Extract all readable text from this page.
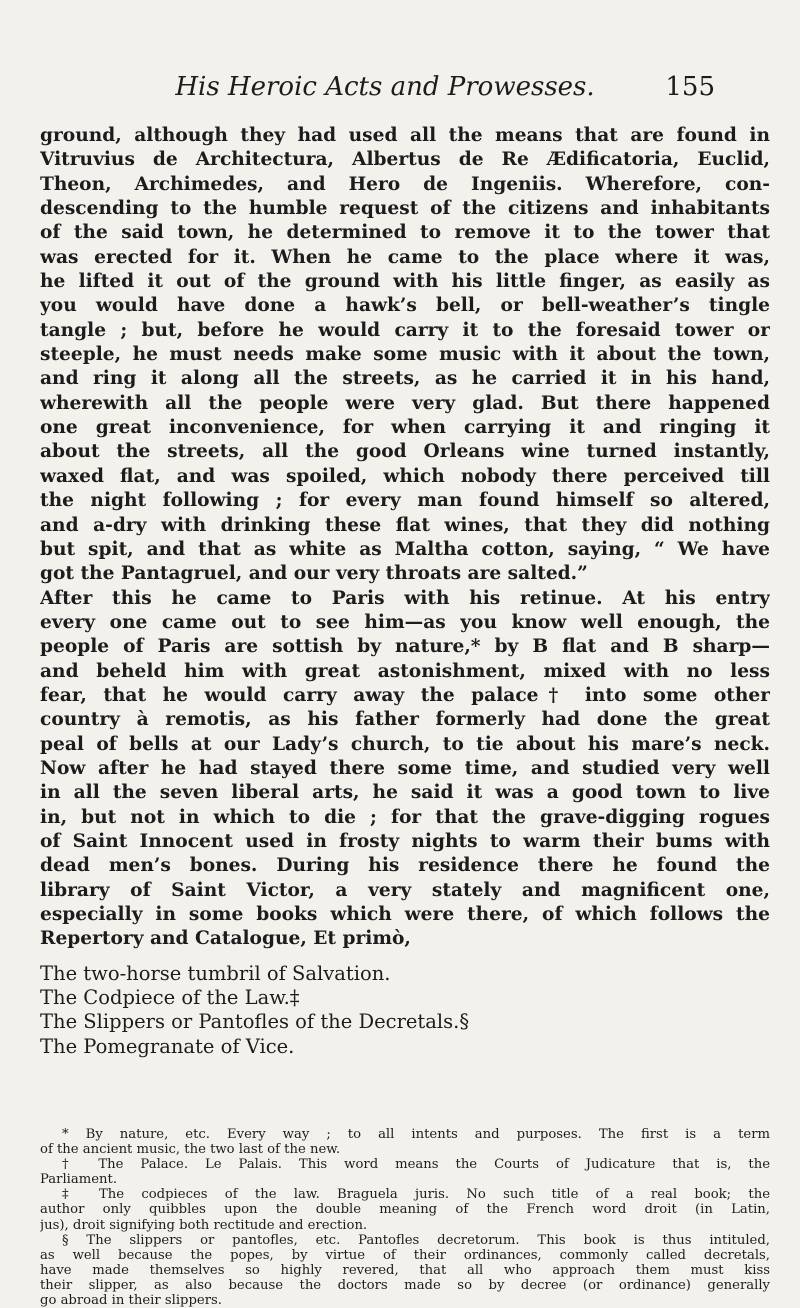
His Heroic Acts and Prowesses.	155
ground, although they had used all the means that are found in
Vitruvius de Architectura, Albertus de Re Ædificatoria, Euclid,
Theon, Archimedes, and Hero de Ingeniis. Wherefore, con-
descending to the humble request of the citizens and inhabitants
of the said town, he determined to remove it to the tower that
was erected for it. When he came to the place where it was,
he lifted it out of the ground with his little finger, as easily as
you would have done a hawk’s bell, or bell-weather’s tingle
tangle ; but, before he would carry it to the foresaid tower or
steeple, he must needs make some music with it about the town,
and ring it along all the streets, as he carried it in his hand,
wherewith all the people were very glad. But there happened
one great inconvenience, for when carrying it and ringing it
about the streets, all the good Orleans wine turned instantly,
waxed flat, and was spoiled, which nobody there perceived till
the night following ; for every man found himself so altered,
and a-dry with drinking these flat wines, that they did nothing
but spit, and that as white as Maltha cotton, saying, “ We have
got the Pantagruel, and our very throats are salted.”
After this he came to Paris with his retinue. At his entry
every one came out to see him—as you know well enough, the
people of Paris are sottish by nature,* by B flat and B sharp—
and beheld him with great astonishment, mixed with no less
fear, that he would carry away the palace† into some other
country à remotis, as his father formerly had done the great
peal of bells at our Lady’s church, to tie about his mare’s neck.
Now after he had stayed there some time, and studied very well
in all the seven liberal arts, he said it was a good town to live
in, but not in which to die ; for that the grave-digging rogues
of Saint Innocent used in frosty nights to warm their bums with
dead men’s bones. During his residence there he found the
library of Saint Victor, a very stately and magnificent one,
especially in some books which were there, of which follows the
Repertory and Catalogue, Et primò,
The two-horse tumbril of Salvation.
The Codpiece of the Law.‡
The Slippers or Pantofles of the Decretals.§
The Pomegranate of Vice.
* By nature, etc. Every way ; to all intents and purposes. The first is a term
of the ancient music, the two last of the new.
† The Palace. Le Palais. This word means the Courts of Judicature that is, the
Parliament.
‡ The codpieces of the law. Braguela juris. No such title of a real book; the
author only quibbles upon the double meaning of the French word droit (in Latin,
jus), droit signifying both rectitude and erection.
§ The slippers or pantofles, etc. Pantofles decretorum. This book is thus intituled,
as well because the popes, by virtue of their ordinances, commonly called decretals,
have made themselves so highly revered, that all who approach them must kiss
their slipper, as also because the doctors made so by decree (or ordinance) generally
go abroad in their slippers.
